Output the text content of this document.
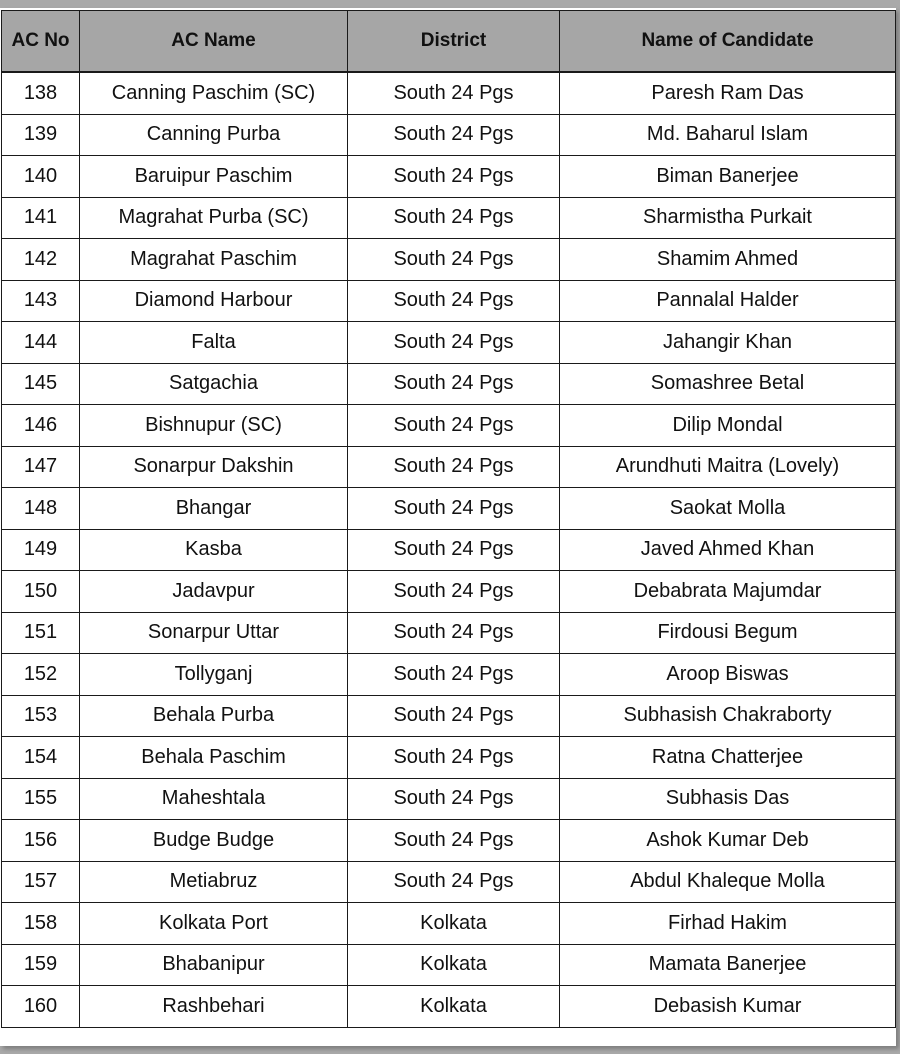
AC No	AC Name	District	Name of Candidate
138	Canning Paschim (SC)	South 24 Pgs	Paresh Ram Das
139	Canning Purba	South 24 Pgs	Md. Baharul Islam
140	Baruipur Paschim	South 24 Pgs	Biman Banerjee
141	Magrahat Purba (SC)	South 24 Pgs	Sharmistha Purkait
142	Magrahat Paschim	South 24 Pgs	Shamim Ahmed
143	Diamond Harbour	South 24 Pgs	Pannalal Halder
144	Falta	South 24 Pgs	Jahangir Khan
145	Satgachia	South 24 Pgs	Somashree Betal
146	Bishnupur (SC)	South 24 Pgs	Dilip Mondal
147	Sonarpur Dakshin	South 24 Pgs	Arundhuti Maitra (Lovely)
148	Bhangar	South 24 Pgs	Saokat Molla
149	Kasba	South 24 Pgs	Javed Ahmed Khan
150	Jadavpur	South 24 Pgs	Debabrata Majumdar
151	Sonarpur Uttar	South 24 Pgs	Firdousi Begum
152	Tollyganj	South 24 Pgs	Aroop Biswas
153	Behala Purba	South 24 Pgs	Subhasish Chakraborty
154	Behala Paschim	South 24 Pgs	Ratna Chatterjee
155	Maheshtala	South 24 Pgs	Subhasis Das
156	Budge Budge	South 24 Pgs	Ashok Kumar Deb
157	Metiabruz	South 24 Pgs	Abdul Khaleque Molla
158	Kolkata Port	Kolkata	Firhad Hakim
159	Bhabanipur	Kolkata	Mamata Banerjee
160	Rashbehari	Kolkata	Debasish Kumar
